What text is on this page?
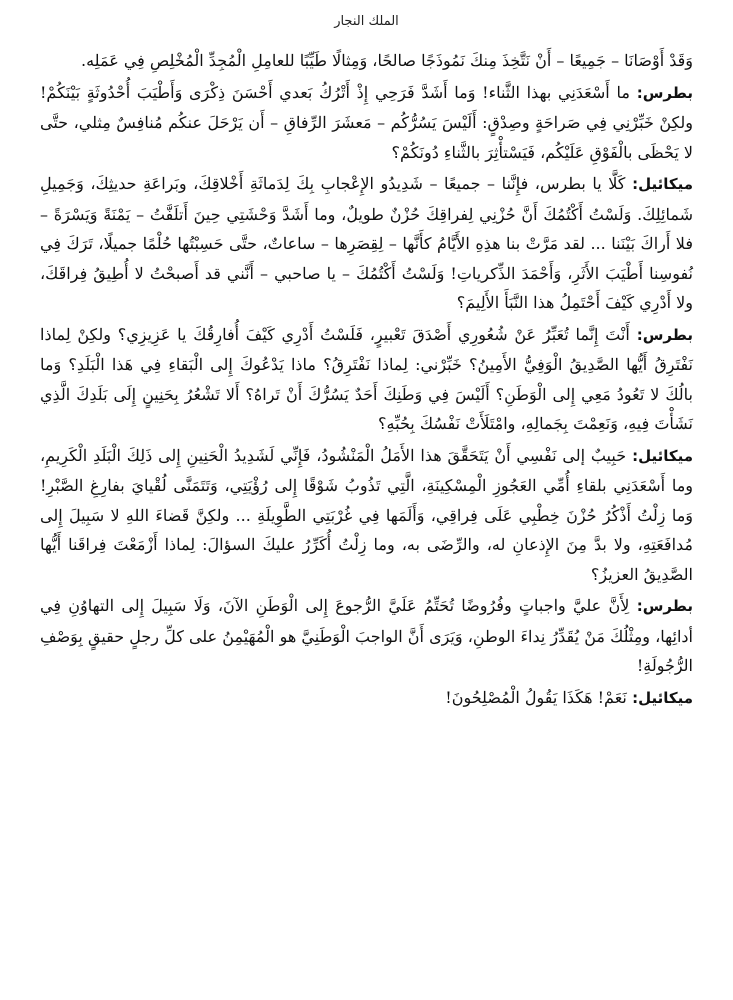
الملك النجار

وَقَدْ أَوْصَانَا – جَمِيعًا – أَنْ نَتَّخِذَ مِنكَ نَمُوذَجًا صالحًا، وَمِثالًا طَيِّبًا للعامِلِ الْمُجِدِّ الْمُخْلِصِ فِي عَمَلِه.

بطرس: ما أَسْعَدَنِي بهذا الثَّناء! وَما أَشَدَّ فَرَحِي إِذْ أَتْرُكُ بَعدي أَحْسَنَ ذِكْرَى وَأَطْيَبَ أُحْدُوثَةٍ بَيْنَكُمْ! ولكِنْ خَبِّرْنِي فِي صَراحَةٍ وصِدْقٍ: أَلَيْسَ يَسُرُّكُم – مَعشَرَ الرِّفاقِ – أَن يَرْحَلَ عنكُم مُنافِسٌ مِثلي، حتَّى لا يَحْظَى بالْفَوْقِ عَلَيْكُم، فَيَسْتأْثِرَ بالثَّناءِ دُونَكُمْ؟

ميكائيل: كَلَّا يا بطرس، فإِنَّنا – جميعًا – شَدِيدُو الإِعْجابِ بِكَ لِدَماثَةِ أَخْلاقِكَ، وبَراعَةِ حديثِكَ، وَجَمِيلِ شَمائِلِكَ. وَلَسْتُ أَكْتُمُكَ أَنَّ حُزْنِي لِفراقِكَ حُزْنٌ طويلٌ، وما أَشَدَّ وَحْشَتِي حِينَ أَتلَفَّتُ – يَمْنَةً وَيَسْرَةً – فلا أَراكَ بَيْنَنا ... لقد مَرَّتْ بنا هذِهِ الأَيَّامُ كأَنَّها – لِقِصَرِها – ساعاتٌ، حتَّى حَسِبْتُها حُلْمًا جميلًا، تَرَكَ فِي نُفوسِنا أَطْيَبَ الأَثَرِ، وَأَحْمَدَ الذِّكرياتِ! وَلَسْتُ أَكْتُمُكَ – يا صاحبي – أَنَّني قد أَصبحْتُ لا أُطِيقُ فِراقَكَ، ولا أَدْرِي كَيْفَ أَحْتَمِلُ هذا النَّبَأَ الأَلِيمَ؟

بطرس: أَنْتَ إِنَّما تُعَبِّرُ عَنْ شُعُورِي أَصْدَقَ تَعْبيرٍ، فَلَسْتُ أَدْرِي كَيْفَ أُفارِقُكَ يا عَزِيزِي؟ ولكِنْ لِماذا نَفْتَرِقُ أَيُّها الصَّدِيقُ الْوَفِيُّ الأَمِينُ؟ خَبِّرْني: لِماذا نَفْتَرِقُ؟ ماذا يَدْعُوكَ إِلى الْبَقاءِ فِي هَذا الْبَلَدِ؟ وَما بالُكَ لا تَعُودُ مَعِي إِلى الْوَطَنِ؟ أَلَيْسَ فِي وَطَنِكَ أَحَدٌ يَسُرُّكَ أَنْ تَراهُ؟ أَلا تَشْعُرُ بِحَنِينٍ إِلَى بَلَدِكَ الَّذِي نَشَأْتَ فِيهِ، وَنَعِمْتَ بِجَمالِهِ، وامْتَلَأَتْ نَفْسُكَ بِحُبِّهِ؟

ميكائيل: حَبِيبٌ إلى نَفْسِي أَنْ يَتَحَقَّقَ هذا الأَمَلُ الْمَنْشُودُ، فَإِنِّي لَشَدِيدُ الْحَنِينِ إِلى ذَلِكَ الْبَلَدِ الْكَرِيمِ، وما أَسْعَدَنِي بلقاءِ أُمِّي العَجُوزِ الْمِسْكِينَةِ، الَّتِي تَذُوبُ شَوْقًا إِلى رُؤْيَتِي، وَتَتَمَنَّى لُقْيايَ بفارِغِ الصَّبْرِ! وَما زِلْتُ أَذْكُرُ حُزْنَ خِطْبِي عَلَى فِراقِي، وَأَلَمَها فِي غُرْبَتِي الطَّوِيلَةِ ... ولكِنَّ قَضاءَ اللهِ لا سَبِيلَ إِلى مُدافَعَتِهِ، ولا بدَّ مِنَ الإِذعانِ له، والرِّضَى به، وما زِلْتُ أُكَرِّرُ عليكَ السؤالَ: لِماذا أَزْمَعْتَ فِراقَنا أَيُّها الصَّدِيقُ العزيزُ؟

بطرس: لِأَنَّ عليَّ واجباتٍ وفُرُوضًا تُحَتِّمُ عَلَيَّ الرُّجوعَ إِلى الْوَطَنِ الآنَ، وَلَا سَبِيلَ إِلى التهاوُنِ فِي أدائِها، ومِثْلُكَ مَنْ يُقَدِّرُ نِداءَ الوطنِ، وَيَرَى أَنَّ الواجبَ الْوَطَنِيَّ هو الْمُهَيْمِنُ على كلِّ رجلٍ حقيقٍ بِوَصْفِ الرُّجُولَةِ!

ميكائيل: نَعَمْ! هَكَذَا يَقُولُ الْمُصْلِحُونَ!
